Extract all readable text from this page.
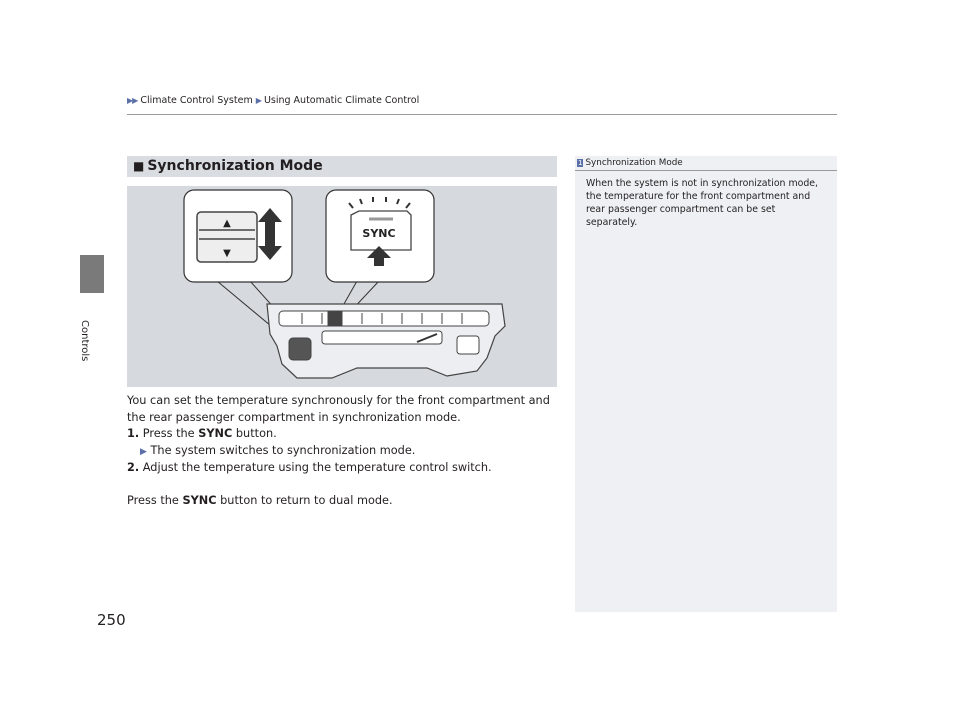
▶▶ Climate Control System ▶ Using Automatic Climate Control
Controls
■ Synchronization Mode
▲
▼
SYNC

You can set the temperature synchronously for the front compartment and the rear passenger compartment in synchronization mode.

1. Press the SYNC button.

▶ The system switches to synchronization mode.

2. Adjust the temperature using the temperature control switch.

Press the SYNC button to return to dual mode.

1 Synchronization Mode
When the system is not in synchronization mode, the temperature for the front compartment and rear passenger compartment can be set separately.
250
